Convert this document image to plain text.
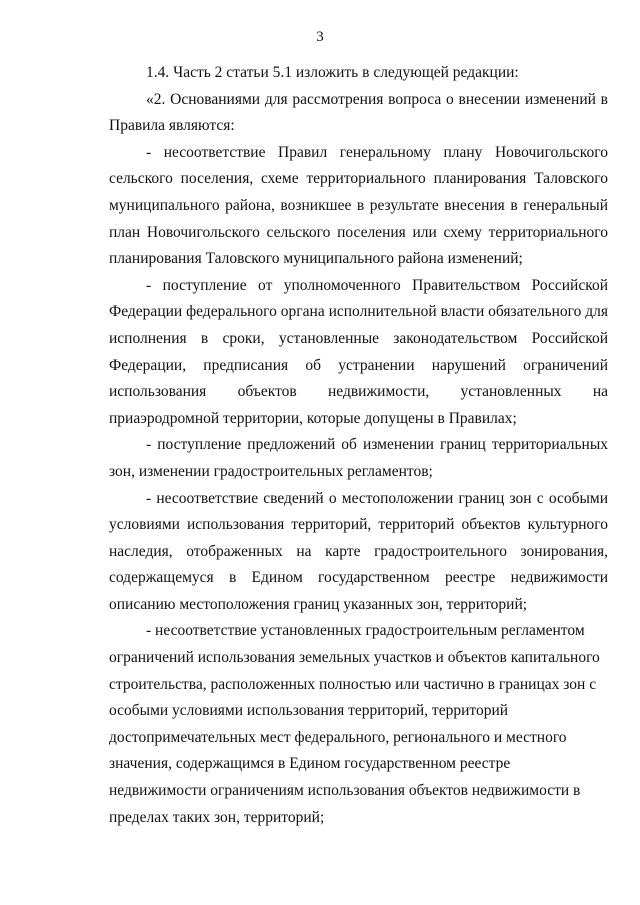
3

1.4. Часть 2 статьи 5.1 изложить в следующей редакции:

«2. Основаниями для рассмотрения вопроса о внесении изменений в Правила являются:

- несоответствие Правил генеральному плану Новочигольского сельского поселения, схеме территориального планирования Таловского муниципального района, возникшее в результате внесения в генеральный план Новочигольского сельского поселения или схему территориального планирования Таловского муниципального района изменений;

- поступление от уполномоченного Правительством Российской Федерации федерального органа исполнительной власти обязательного для исполнения в сроки, установленные законодательством Российской Федерации, предписания об устранении нарушений ограничений использования объектов недвижимости, установленных на приаэродромной территории, которые допущены в Правилах;

- поступление предложений об изменении границ территориальных зон, изменении градостроительных регламентов;

- несоответствие сведений о местоположении границ зон с особыми условиями использования территорий, территорий объектов культурного наследия, отображенных на карте градостроительного зонирования, содержащемуся в Едином государственном реестре недвижимости описанию местоположения границ указанных зон, территорий;

- несоответствие установленных градостроительным регламентом ограничений использования земельных участков и объектов капитального строительства, расположенных полностью или частично в границах зон с особыми условиями использования территорий, территорий достопримечательных мест федерального, регионального и местного значения, содержащимся в Едином государственном реестре недвижимости ограничениям использования объектов недвижимости в пределах таких зон, территорий;
